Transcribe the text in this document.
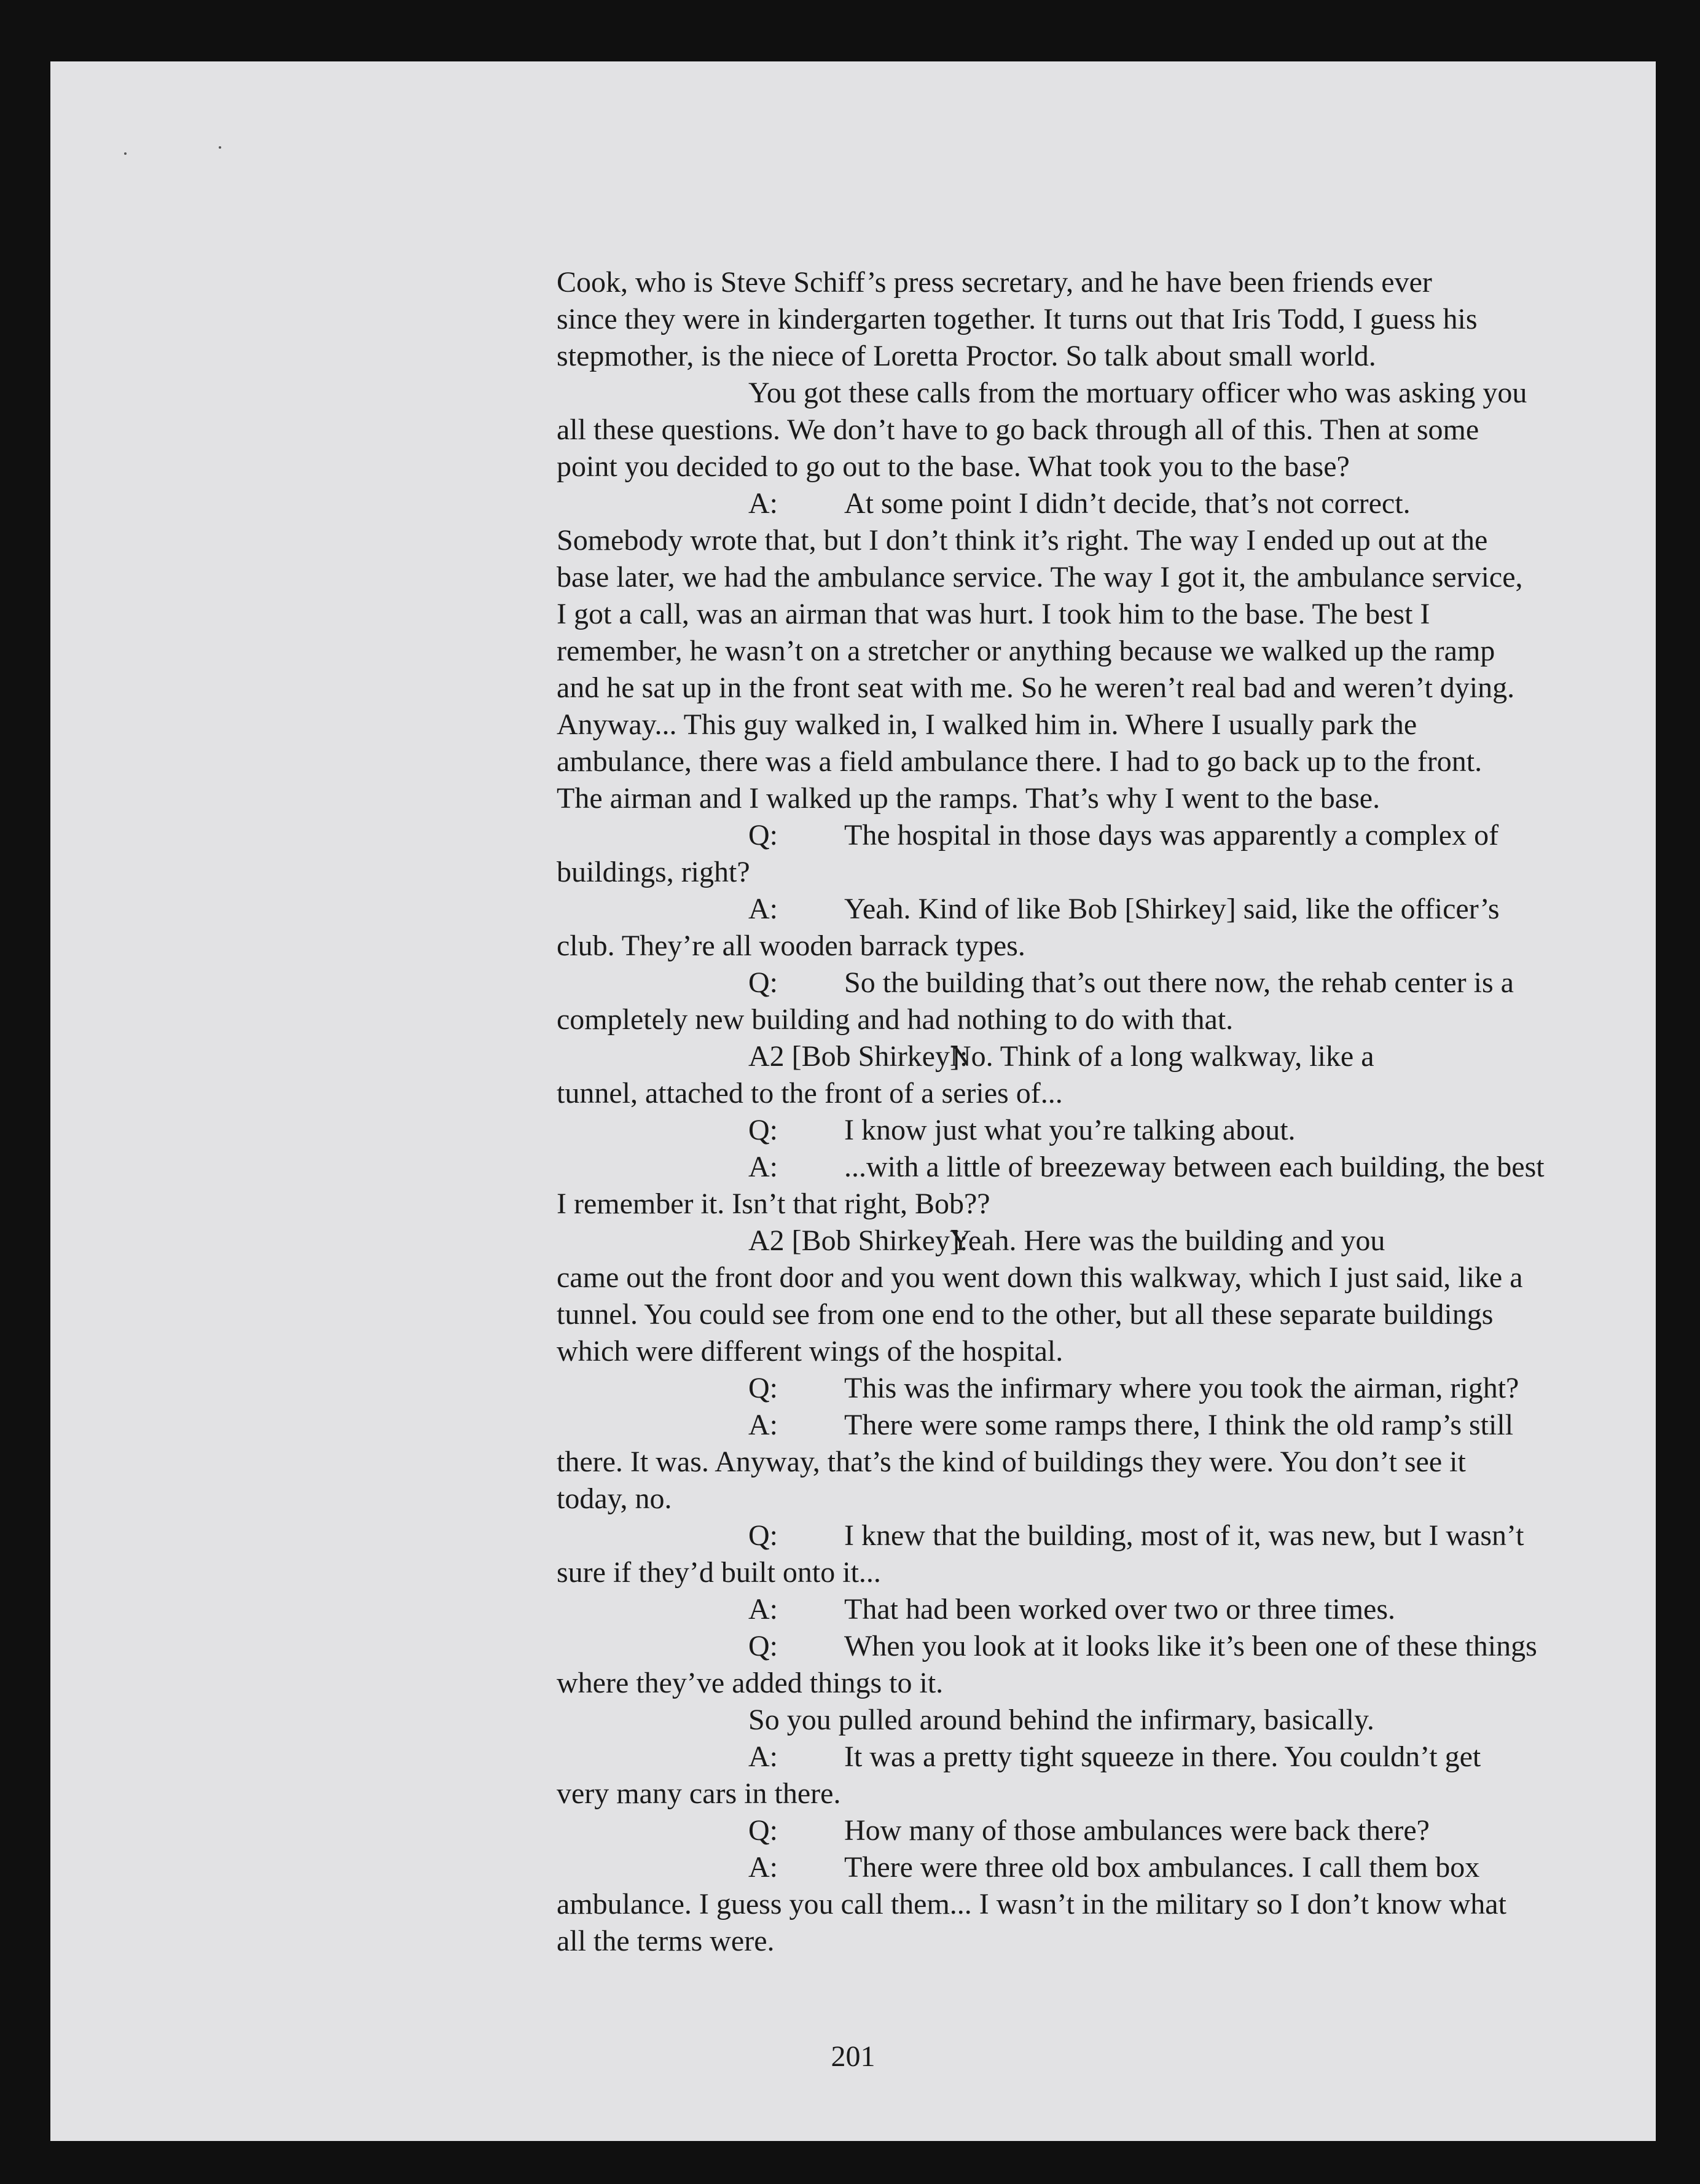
Cook, who is Steve Schiff’s press secretary, and he have been friends ever
since they were in kindergarten together. It turns out that Iris Todd, I guess his
stepmother, is the niece of Loretta Proctor. So talk about small world.
You got these calls from the mortuary officer who was asking you
all these questions. We don’t have to go back through all of this. Then at some
point you decided to go out to the base. What took you to the base?
A: At some point I didn’t decide, that’s not correct.
Somebody wrote that, but I don’t think it’s right. The way I ended up out at the
base later, we had the ambulance service. The way I got it, the ambulance service,
I got a call, was an airman that was hurt. I took him to the base. The best I
remember, he wasn’t on a stretcher or anything because we walked up the ramp
and he sat up in the front seat with me. So he weren’t real bad and weren’t dying.
Anyway... This guy walked in, I walked him in. Where I usually park the
ambulance, there was a field ambulance there. I had to go back up to the front.
The airman and I walked up the ramps. That’s why I went to the base.
Q: The hospital in those days was apparently a complex of
buildings, right?
A: Yeah. Kind of like Bob [Shirkey] said, like the officer’s
club. They’re all wooden barrack types.
Q: So the building that’s out there now, the rehab center is a
completely new building and had nothing to do with that.
A2 [Bob Shirkey]:No. Think of a long walkway, like a
tunnel, attached to the front of a series of...
Q: I know just what you’re talking about.
A: ...with a little of breezeway between each building, the best
I remember it. Isn’t that right, Bob??
A2 [Bob Shirkey]:Yeah. Here was the building and you
came out the front door and you went down this walkway, which I just said, like a
tunnel. You could see from one end to the other, but all these separate buildings
which were different wings of the hospital.
Q: This was the infirmary where you took the airman, right?
A: There were some ramps there, I think the old ramp’s still
there. It was. Anyway, that’s the kind of buildings they were. You don’t see it
today, no.
Q: I knew that the building, most of it, was new, but I wasn’t
sure if they’d built onto it...
A: That had been worked over two or three times.
Q: When you look at it looks like it’s been one of these things
where they’ve added things to it.
So you pulled around behind the infirmary, basically.
A: It was a pretty tight squeeze in there. You couldn’t get
very many cars in there.
Q: How many of those ambulances were back there?
A: There were three old box ambulances. I call them box
ambulance. I guess you call them... I wasn’t in the military so I don’t know what
all the terms were.
201
